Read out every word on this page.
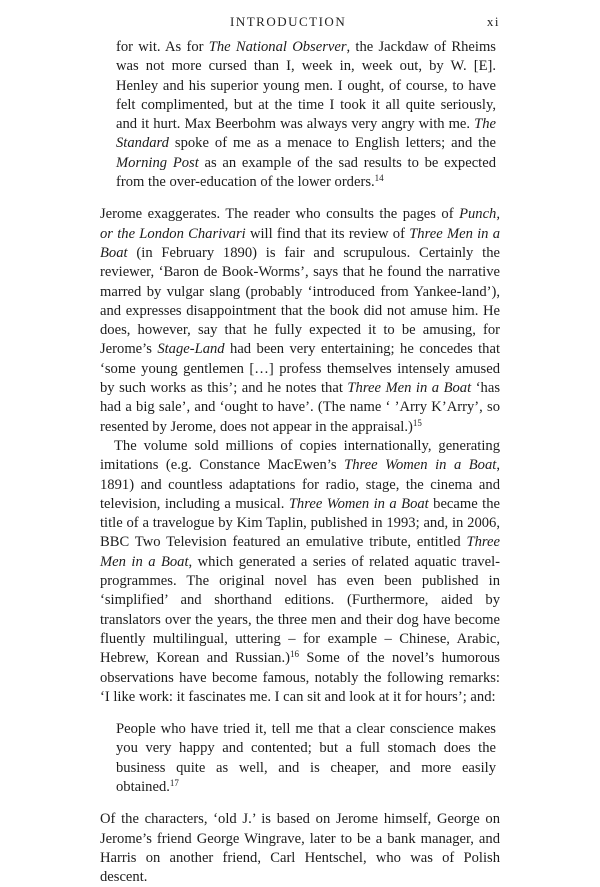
INTRODUCTION	xi

for wit. As for The National Observer, the Jackdaw of Rheims was not more cursed than I, week in, week out, by W. [E]. Henley and his superior young men. I ought, of course, to have felt complimented, but at the time I took it all quite seriously, and it hurt. Max Beerbohm was always very angry with me. The Standard spoke of me as a menace to English letters; and the Morning Post as an example of the sad results to be expected from the over-education of the lower orders.$^{14}$

Jerome exaggerates. The reader who consults the pages of Punch, or the London Charivari will find that its review of Three Men in a Boat (in February 1890) is fair and scrupulous. Certainly the reviewer, ‘Baron de Book-Worms’, says that he found the narrative marred by vulgar slang (probably ‘introduced from Yankee-land’), and expresses disappointment that the book did not amuse him. He does, however, say that he fully expected it to be amusing, for Jerome’s Stage-Land had been very entertaining; he concedes that ‘some young gentlemen […] profess themselves intensely amused by such works as this’; and he notes that Three Men in a Boat ‘has had a big sale’, and ‘ought to have’. (The name ‘ ’Arry K’Arry’, so resented by Jerome, does not appear in the appraisal.)$^{15}$

The volume sold millions of copies internationally, generating imitations (e.g. Constance MacEwen’s Three Women in a Boat, 1891) and countless adaptations for radio, stage, the cinema and television, including a musical. Three Women in a Boat became the title of a travelogue by Kim Taplin, published in 1993; and, in 2006, BBC Two Television featured an emulative tribute, entitled Three Men in a Boat, which generated a series of related aquatic travel-programmes. The original novel has even been published in ‘simplified’ and shorthand editions. (Furthermore, aided by translators over the years, the three men and their dog have become fluently multilingual, uttering – for example – Chinese, Arabic, Hebrew, Korean and Russian.)$^{16}$ Some of the novel’s humorous observations have become famous, notably the following remarks: ‘I like work: it fascinates me. I can sit and look at it for hours’; and:

People who have tried it, tell me that a clear conscience makes you very happy and contented; but a full stomach does the business quite as well, and is cheaper, and more easily obtained.$^{17}$

Of the characters, ‘old J.’ is based on Jerome himself, George on Jerome’s friend George Wingrave, later to be a bank manager, and Harris on another friend, Carl Hentschel, who was of Polish descent.
